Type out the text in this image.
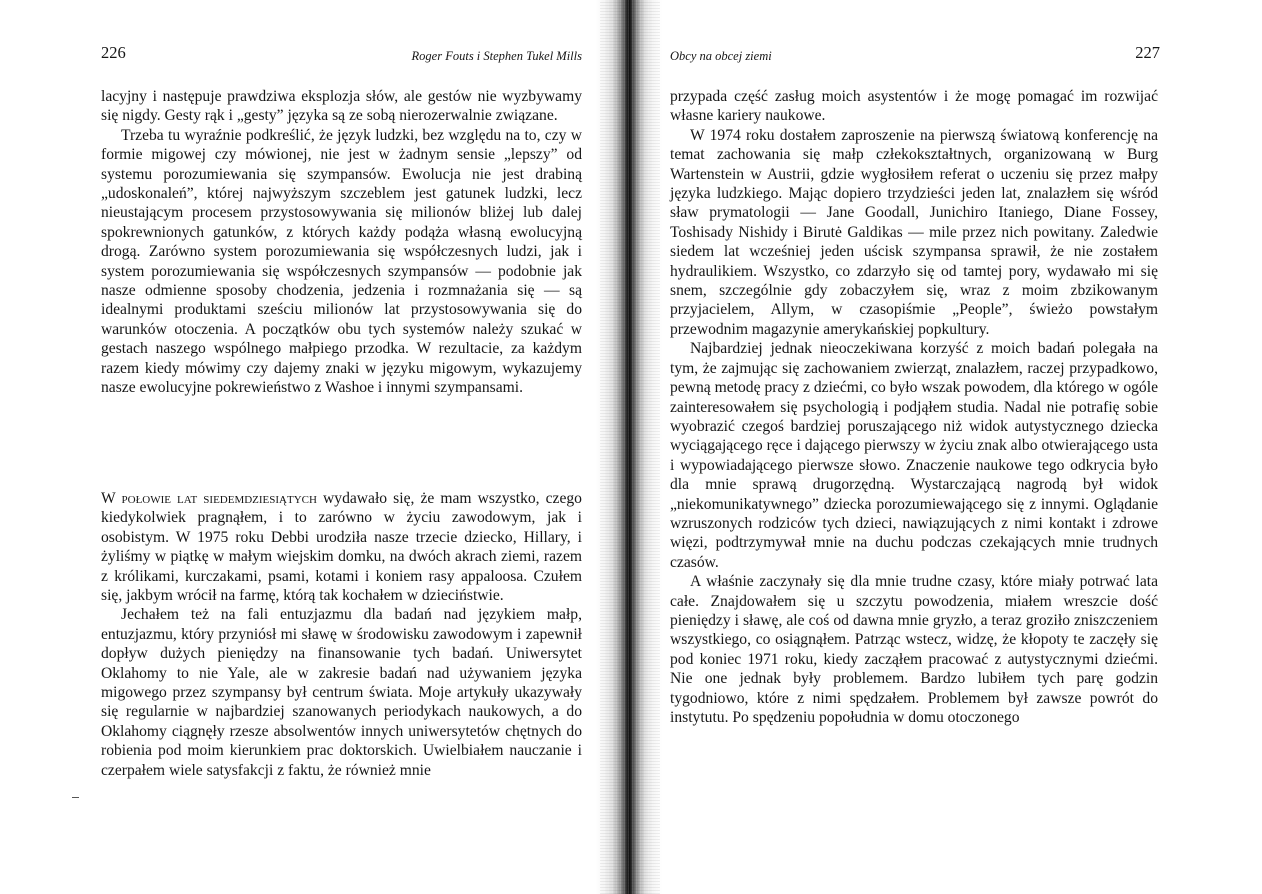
226	Roger Fouts i Stephen Tukel Mills

lacyjny i następuje prawdziwa eksplozja słów, ale gestów nie wyzbywamy się nigdy. Gesty rąk i „gesty” języka są ze sobą nierozerwalnie związane.

Trzeba tu wyraźnie podkreślić, że język ludzki, bez względu na to, czy w formie migowej czy mówionej, nie jest w żadnym sensie „lepszy” od systemu porozumiewania się szympansów. Ewolucja nie jest drabiną „udoskonaleń”, której najwyższym szczeblem jest gatunek ludzki, lecz nieustającym procesem przystosowywania się milionów bliżej lub dalej spokrewnionych gatunków, z których każdy podąża własną ewolucyjną drogą. Zarówno system porozumiewania się współczesnych ludzi, jak i system porozumiewania się współczesnych szympansów — podobnie jak nasze odmienne sposoby chodzenia, jedzenia i rozmnażania się — są idealnymi produktami sześciu milionów lat przystosowywania się do warunków otoczenia. A początków obu tych systemów należy szukać w gestach naszego wspólnego małpiego przodka. W rezultacie, za każdym razem kiedy mówimy czy dajemy znaki w języku migowym, wykazujemy nasze ewolucyjne pokrewieństwo z Washoe i innymi szympansami.

W połowie lat siedemdziesiątych wydawało się, że mam wszystko, czego kiedykolwiek pragnąłem, i to zarówno w życiu zawodowym, jak i osobistym. W 1975 roku Debbi urodziła nasze trzecie dziecko, Hillary, i żyliśmy w piątkę w małym wiejskim domku, na dwóch akrach ziemi, razem z królikami, kurczakami, psami, kotami i koniem rasy appaloosa. Czułem się, jakbym wrócił na farmę, którą tak kochałem w dzieciństwie.

Jechałem też na fali entuzjazmu dla badań nad językiem małp, entuzjazmu, który przyniósł mi sławę w środowisku zawodowym i zapewnił dopływ dużych pieniędzy na finansowanie tych badań. Uniwersytet Oklahomy to nie Yale, ale w zakresie badań nad używaniem języka migowego przez szympansy był centrum świata. Moje artykuły ukazywały się regularnie w najbardziej szanowanych periodykach naukowych, a do Oklahomy ciągnęły rzesze absolwentów innych uniwersytetów chętnych do robienia pod moim kierunkiem prac doktorskich. Uwielbiałem nauczanie i czerpałem wiele satysfakcji z faktu, że również mnie

Obcy na obcej ziemi	227

przypada część zasług moich asystentów i że mogę pomagać im rozwijać własne kariery naukowe.

W 1974 roku dostałem zaproszenie na pierwszą światową konferencję na temat zachowania się małp człekokształtnych, organizowaną w Burg Wartenstein w Austrii, gdzie wygłosiłem referat o uczeniu się przez małpy języka ludzkiego. Mając dopiero trzydzieści jeden lat, znalazłem się wśród sław prymatologii — Jane Goodall, Junichiro Itaniego, Diane Fossey, Toshisady Nishidy i Birutė Galdikas — mile przez nich powitany. Zaledwie siedem lat wcześniej jeden uścisk szympansa sprawił, że nie zostałem hydraulikiem. Wszystko, co zdarzyło się od tamtej pory, wydawało mi się snem, szczególnie gdy zobaczyłem się, wraz z moim zbzikowanym przyjacielem, Allym, w czasopiśmie „People”, świeżo powstałym przewodnim magazynie amerykańskiej popkultury.

Najbardziej jednak nieoczekiwana korzyść z moich badań polegała na tym, że zajmując się zachowaniem zwierząt, znalazłem, raczej przypadkowo, pewną metodę pracy z dziećmi, co było wszak powodem, dla którego w ogóle zainteresowałem się psychologią i podjąłem studia. Nadal nie potrafię sobie wyobrazić czegoś bardziej poruszającego niż widok autystycznego dziecka wyciągającego ręce i dającego pierwszy w życiu znak albo otwierającego usta i wypowiadającego pierwsze słowo. Znaczenie naukowe tego odkrycia było dla mnie sprawą drugorzędną. Wystarczającą nagrodą był widok „niekomunikatywnego” dziecka porozumiewającego się z innymi. Oglądanie wzruszonych rodziców tych dzieci, nawiązujących z nimi kontakt i zdrowe więzi, podtrzymywał mnie na duchu podczas czekających mnie trudnych czasów.

A właśnie zaczynały się dla mnie trudne czasy, które miały potrwać lata całe. Znajdowałem się u szczytu powodzenia, miałem wreszcie dość pieniędzy i sławę, ale coś od dawna mnie gryzło, a teraz groziło zniszczeniem wszystkiego, co osiągnąłem. Patrząc wstecz, widzę, że kłopoty te zaczęły się pod koniec 1971 roku, kiedy zacząłem pracować z autystycznymi dziećmi. Nie one jednak były problemem. Bardzo lubiłem tych parę godzin tygodniowo, które z nimi spędzałem. Problemem był zawsze powrót do instytutu. Po spędzeniu popołudnia w domu otoczonego
